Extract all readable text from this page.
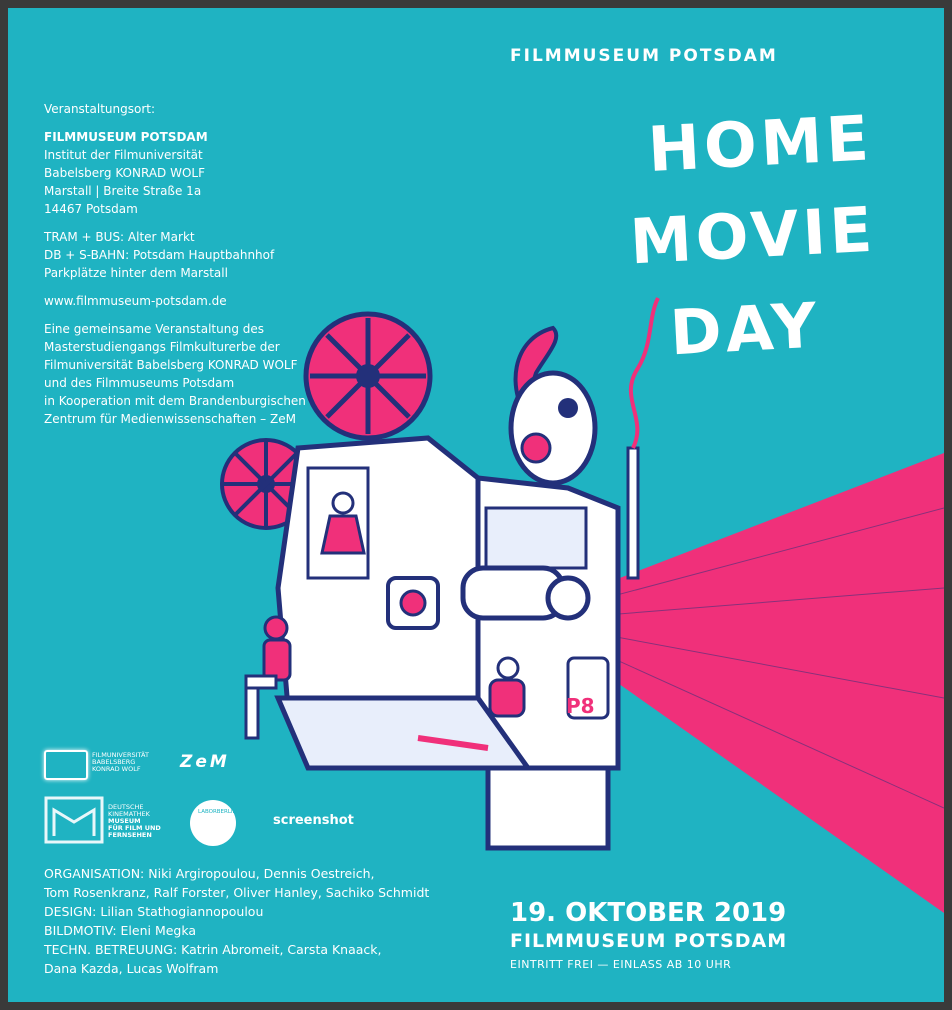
P8

Veranstaltungsort:

FILMMUSEUM POTSDAM

Institut der Filmuniversität

Babelsberg KONRAD WOLF

Marstall | Breite Straße 1a

14467 Potsdam

TRAM + BUS: Alter Markt

DB + S-BAHN: Potsdam Hauptbahnhof

Parkplätze hinter dem Marstall

www.filmmuseum-potsdam.de

Eine gemeinsame Veranstaltung des

Masterstudiengangs Filmkulturerbe der

Filmuniversität Babelsberg KONRAD WOLF

und des Filmmuseums Potsdam

in Kooperation mit dem Brandenburgischen

Zentrum für Medienwissenschaften – ZeM

FILMMUSEUM POTSDAM
HOME
MOVIE
DAY
FILMUNIVERSITÄT
BABELSBERG
KONRAD WOLF	ZeM
DEUTSCHE
KINEMATHEK
MUSEUM
FÜR FILM UND
FERNSEHEN
LABORBERLIN
screenshot

ORGANISATION: Niki Argiropoulou, Dennis Oestreich,

Tom Rosenkranz, Ralf Forster, Oliver Hanley, Sachiko Schmidt

DESIGN: Lilian Stathogiannopoulou

BILDMOTIV: Eleni Megka

TECHN. BETREUUNG: Katrin Abromeit, Carsta Knaack,

Dana Kazda, Lucas Wolfram

19. OKTOBER 2019
FILMMUSEUM POTSDAM
EINTRITT FREI — EINLASS AB 10 UHR
